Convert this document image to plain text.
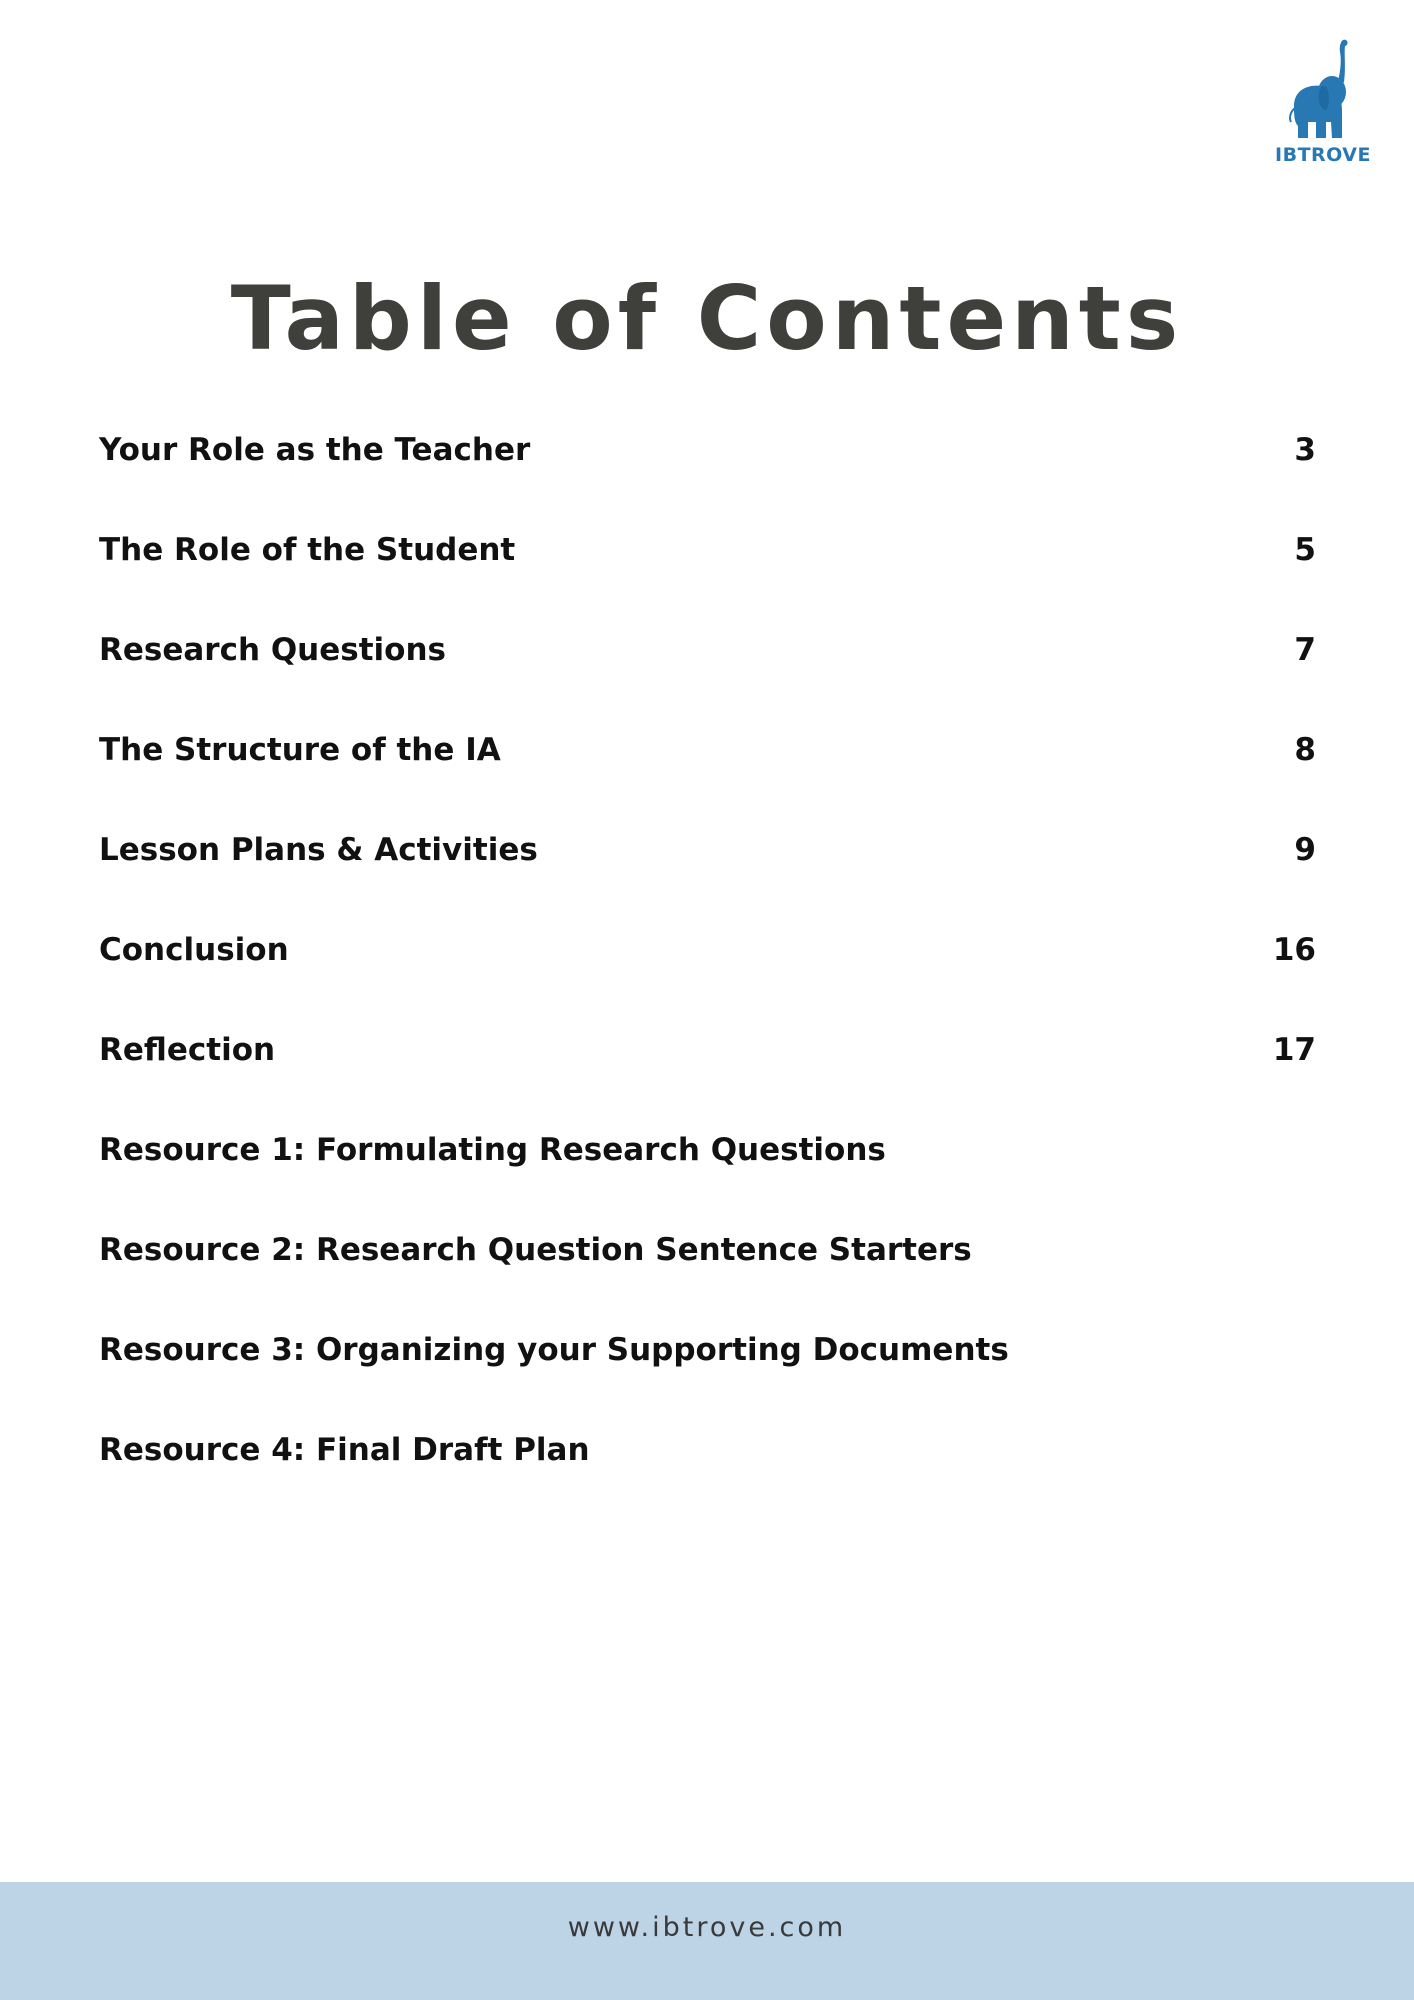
IBTROVE
Table of Contents
Your Role as the Teacher	3
The Role of the Student	5
Research Questions	7
The Structure of the IA	8
Lesson Plans & Activities	9
Conclusion	16
Reflection	17
Resource 1: Formulating Research Questions
Resource 2: Research Question Sentence Starters
Resource 3: Organizing your Supporting Documents
Resource 4: Final Draft Plan
www.ibtrove.com
